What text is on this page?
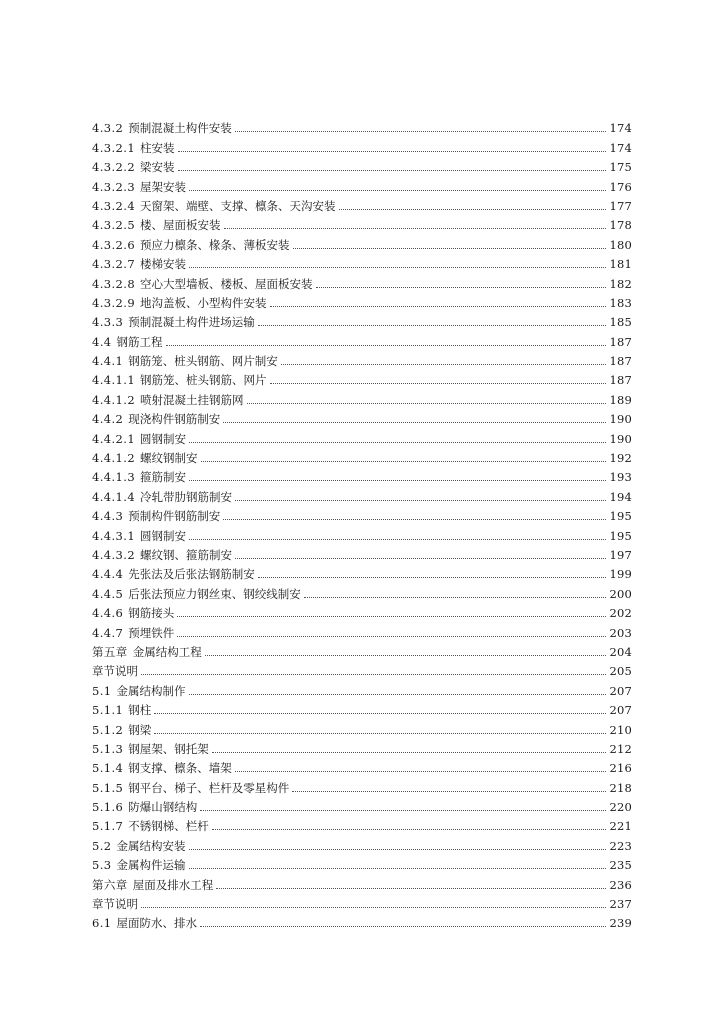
4.3.2 预制混凝土构件安装	174
4.3.2.1 柱安装	174
4.3.2.2 梁安装	175
4.3.2.3 屋架安装	176
4.3.2.4 天窗架、端壁、支撑、檩条、天沟安装	177
4.3.2.5 楼、屋面板安装	178
4.3.2.6 预应力檩条、椽条、薄板安装	180
4.3.2.7 楼梯安装	181
4.3.2.8 空心大型墙板、楼板、屋面板安装	182
4.3.2.9 地沟盖板、小型构件安装	183
4.3.3 预制混凝土构件进场运输	185
4.4 钢筋工程	187
4.4.1 钢筋笼、桩头钢筋、网片制安	187
4.4.1.1 钢筋笼、桩头钢筋、网片	187
4.4.1.2 喷射混凝土挂钢筋网	189
4.4.2 现浇构件钢筋制安	190
4.4.2.1 圆钢制安	190
4.4.1.2 螺纹钢制安	192
4.4.1.3 箍筋制安	193
4.4.1.4 冷轧带肋钢筋制安	194
4.4.3 预制构件钢筋制安	195
4.4.3.1 圆钢制安	195
4.4.3.2 螺纹钢、箍筋制安	197
4.4.4 先张法及后张法钢筋制安	199
4.4.5 后张法预应力钢丝束、钢绞线制安	200
4.4.6 钢筋接头	202
4.4.7 预埋铁件	203
第五章 金属结构工程	204
章节说明	205
5.1 金属结构制作	207
5.1.1 钢柱	207
5.1.2 钢梁	210
5.1.3 钢屋架、钢托架	212
5.1.4 钢支撑、檩条、墙架	216
5.1.5 钢平台、梯子、栏杆及零星构件	218
5.1.6 防爆山钢结构	220
5.1.7 不锈钢梯、栏杆	221
5.2 金属结构安装	223
5.3 金属构件运输	235
第六章 屋面及排水工程	236
章节说明	237
6.1 屋面防水、排水	239
